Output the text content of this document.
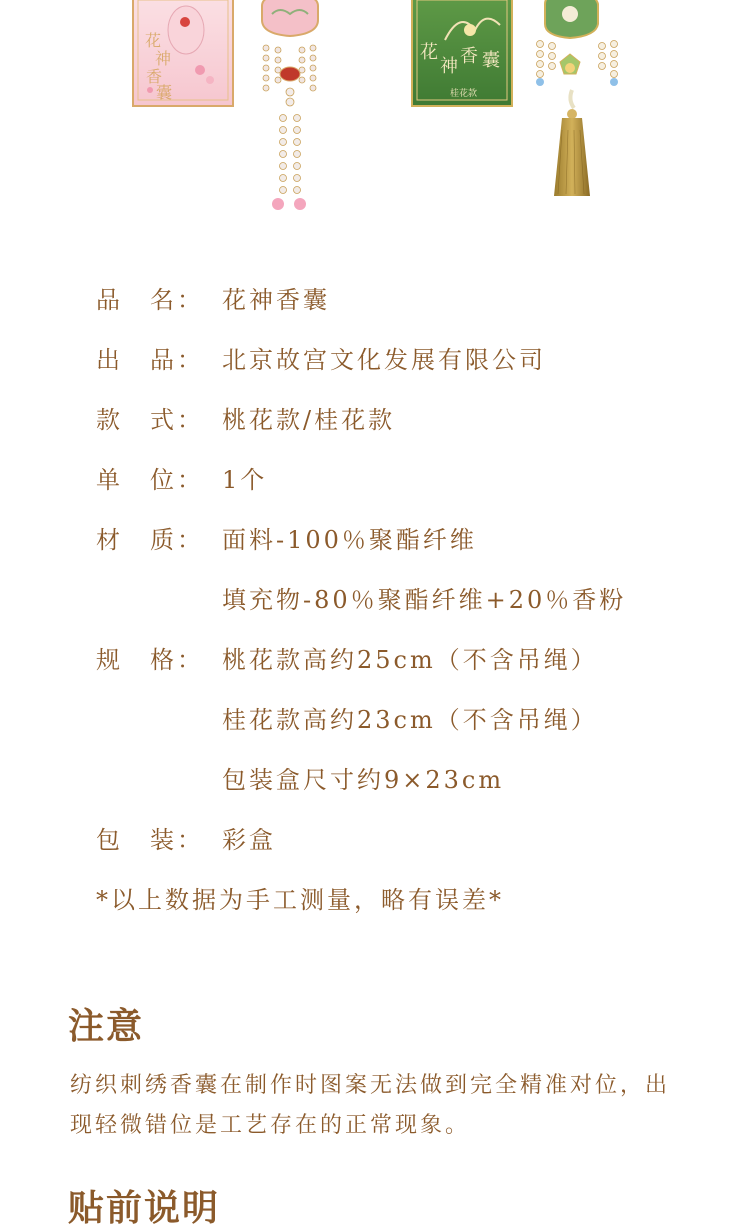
花神香囊
花神 香 囊
桂花款
品　名： 花神香囊
出　品： 北京故宫文化发展有限公司
款　式： 桃花款/桂花款
单　位： 1个
材　质： 面料-100％聚酯纤维
填充物-80％聚酯纤维+20％香粉
规　格： 桃花款高约25cm（不含吊绳）
桂花款高约23cm（不含吊绳）
包装盒尺寸约9×23cm
包　装： 彩盒
*以上数据为手工测量，略有误差*
注意
纺织刺绣香囊在制作时图案无法做到完全精准对位，出现轻微错位是工艺存在的正常现象。
贴前说明
